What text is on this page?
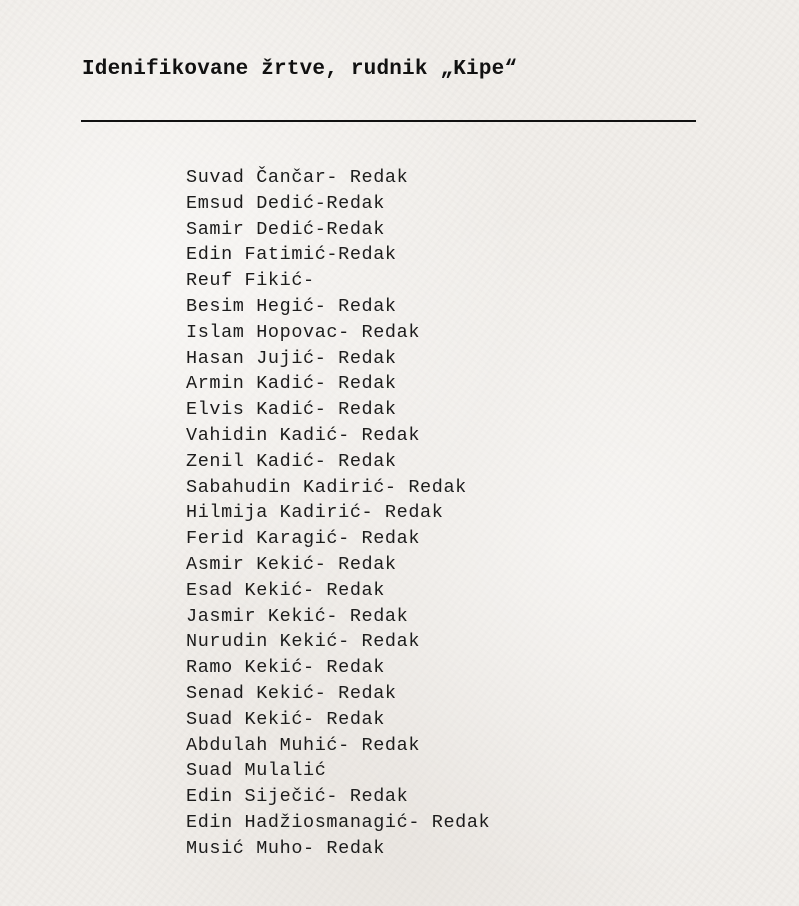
Idenifikovane žrtve, rudnik „Kipe“
Suvad Čančar- Redak
Emsud Dedić-Redak
Samir Dedić-Redak
Edin Fatimić-Redak
Reuf Fikić-
Besim Hegić- Redak
Islam Hopovac- Redak
Hasan Jujić- Redak
Armin Kadić- Redak
Elvis Kadić- Redak
Vahidin Kadić- Redak
Zenil Kadić- Redak
Sabahudin Kadirić- Redak
Hilmija Kadirić- Redak
Ferid Karagić- Redak
Asmir Kekić- Redak
Esad Kekić- Redak
Jasmir Kekić- Redak
Nurudin Kekić- Redak
Ramo Kekić- Redak
Senad Kekić- Redak
Suad Kekić- Redak
Abdulah Muhić- Redak
Suad Mulalić
Edin Siječić- Redak
Edin Hadžiosmanagić- Redak
Musić Muho- Redak
